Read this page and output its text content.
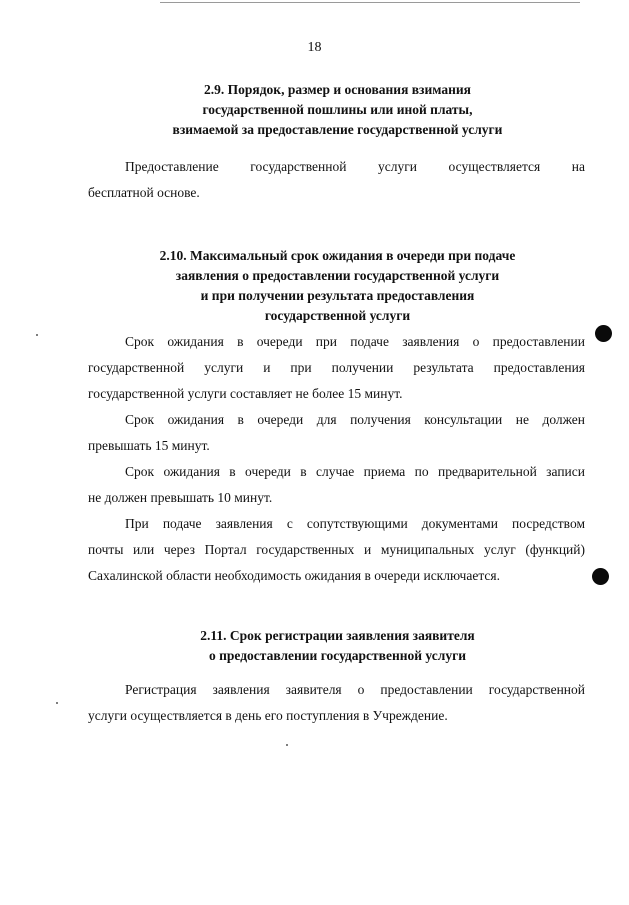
18
2.9. Порядок, размер и основания взимания
государственной пошлины или иной платы,
взимаемой за предоставление государственной услуги
Предоставление государственной услуги осуществляется на
бесплатной основе.
2.10. Максимальный срок ожидания в очереди при подаче
заявления о предоставлении государственной услуги
и при получении результата предоставления
государственной услуги
Срок ожидания в очереди при подаче заявления о предоставлении
государственной услуги и при получении результата предоставления
государственной услуги составляет не более 15 минут.
Срок ожидания в очереди для получения консультации не должен
превышать 15 минут.
Срок ожидания в очереди в случае приема по предварительной записи
не должен превышать 10 минут.
При подаче заявления с сопутствующими документами посредством
почты или через Портал государственных и муниципальных услуг (функций)
Сахалинской области необходимость ожидания в очереди исключается.
2.11. Срок регистрации заявления заявителя
о предоставлении государственной услуги
Регистрация заявления заявителя о предоставлении государственной
услуги осуществляется в день его поступления в Учреждение.
